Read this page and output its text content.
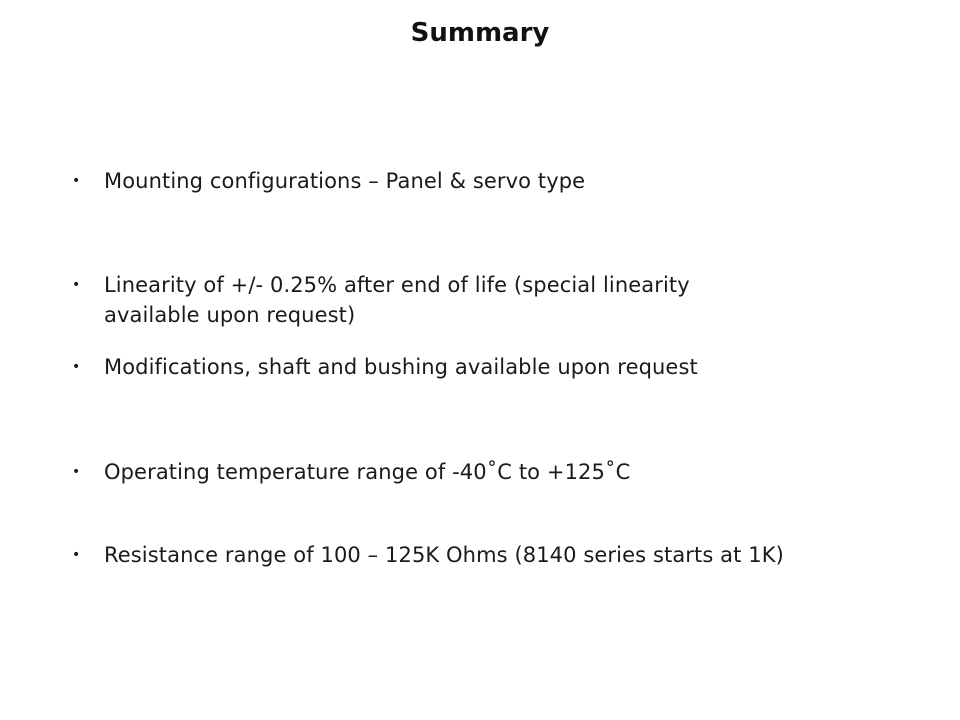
Summary
•	Mounting configurations – Panel & servo type
•	Linearity of +/- 0.25% after end of life (special linearity
available upon request)
•	Modifications, shaft and bushing available upon request
•	Operating temperature range of -40˚C to +125˚C
•	Resistance range of 100 – 125K Ohms (8140 series starts at 1K)
